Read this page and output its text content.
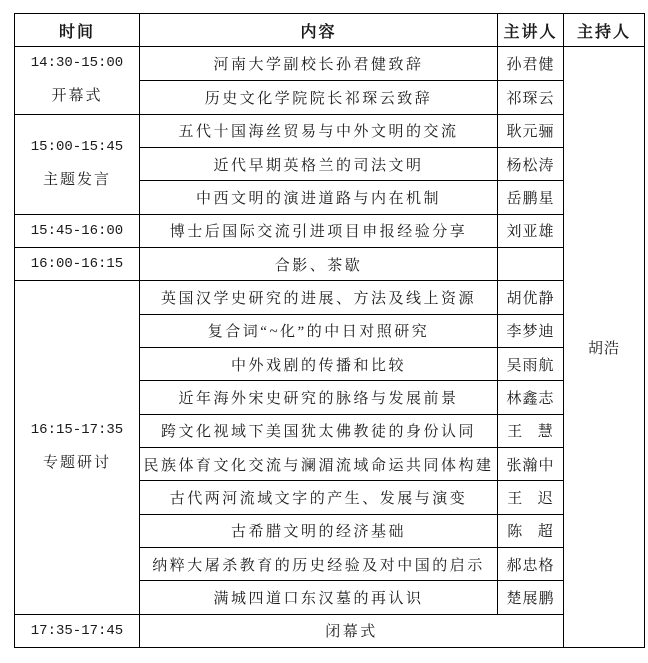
时间	内容	主讲人	主持人

14:30-15:00
开幕式	河南大学副校长孙君健致辞	孙君健	胡浩
	历史文化学院院长祁琛云致辞	祁琛云	

15:00-15:45
主题发言	五代十国海丝贸易与中外文明的交流	耿元骊	
	近代早期英格兰的司法文明	杨松涛	
	中西文明的演进道路与内在机制	岳鹏星	
15:45-16:00	博士后国际交流引进项目申报经验分享	刘亚雄	
16:00-16:15	合影、茶歇		

16:15-17:35
专题研讨	英国汉学史研究的进展、方法及线上资源	胡优静	
	复合词“~化”的中日对照研究	李梦迪	
	中外戏剧的传播和比较	吴雨航	
	近年海外宋史研究的脉络与发展前景	林鑫志	
	跨文化视域下美国犹太佛教徒的身份认同	王慧	
	民族体育文化交流与澜湄流域命运共同体构建	张瀚中	
	古代两河流域文字的产生、发展与演变	王迟	
	古希腊文明的经济基础	陈超	
	纳粹大屠杀教育的历史经验及对中国的启示	郝忠格	
	满城四道口东汉墓的再认识	楚展鹏	
17:35-17:45	闭幕式		
